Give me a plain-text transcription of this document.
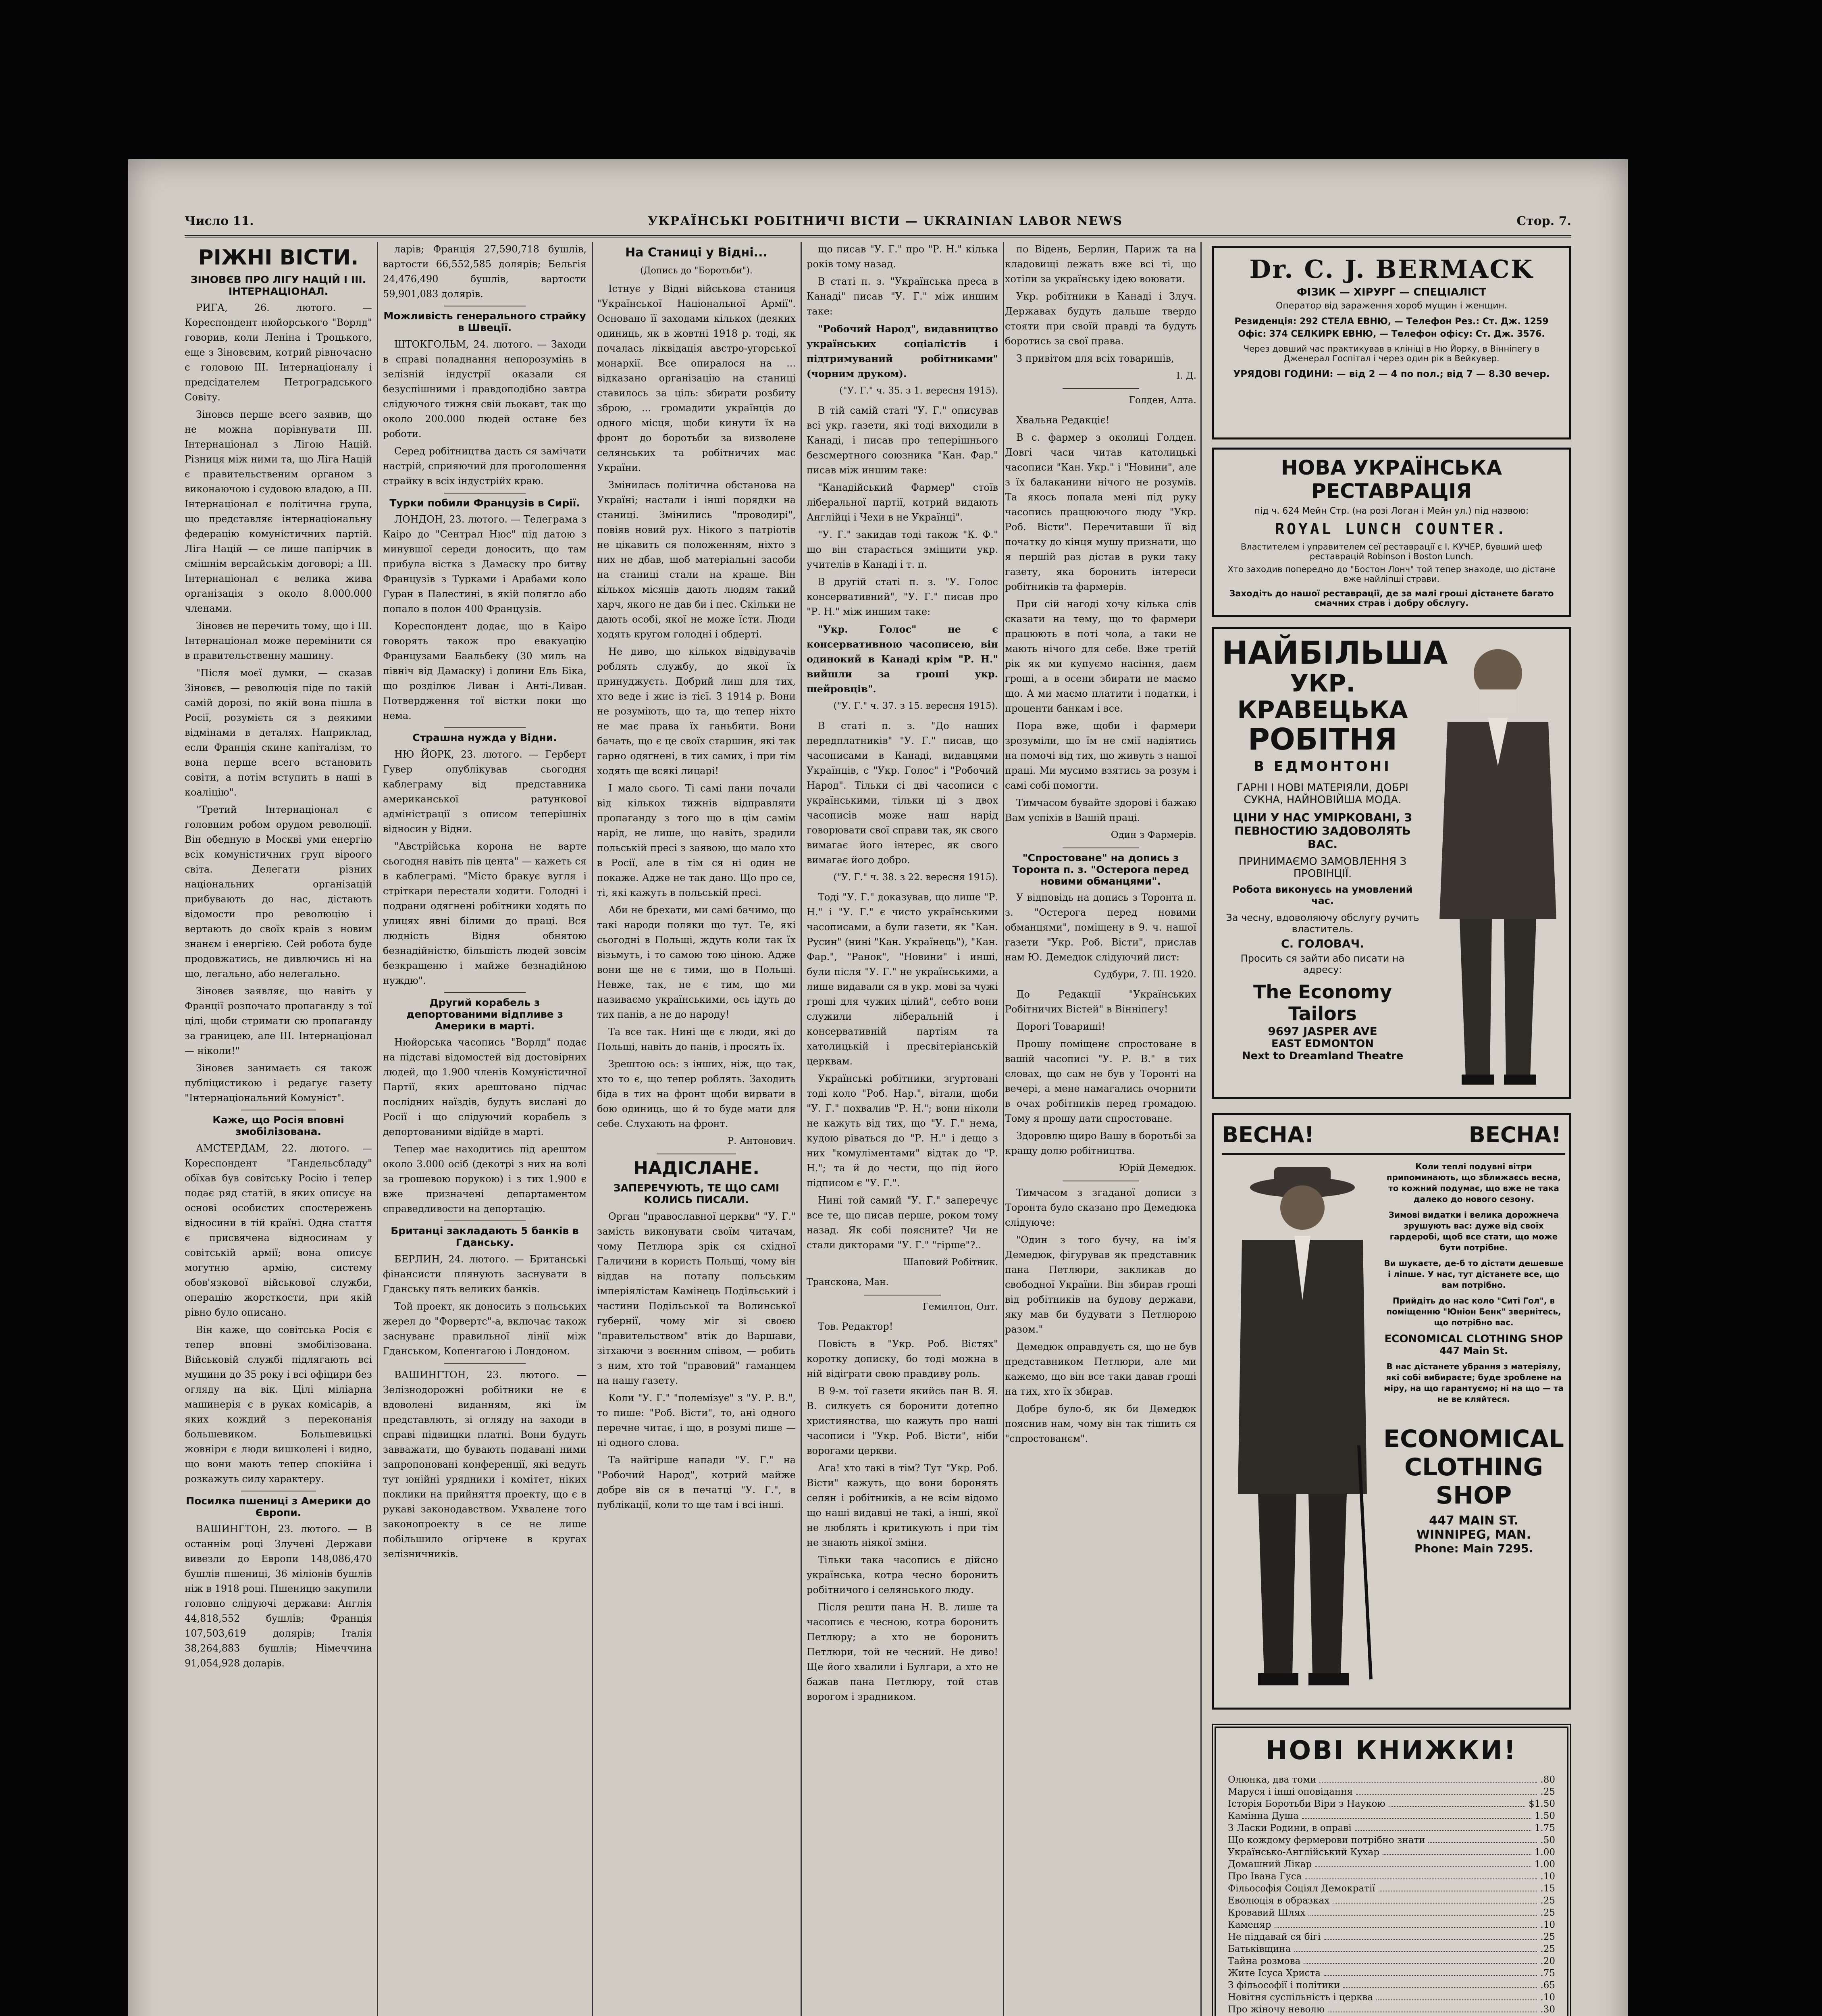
Число 11.	УКРАЇНСЬКІ РОБІТНИЧІ ВІСТИ — UKRAINIAN LABOR NEWS	Стор. 7.
РІЖНІ ВІСТИ.
ЗІНОВЄВ ПРО ЛІГУ НАЦІЙ І III. ІНТЕРНАЦІОНАЛ.

РИГА, 26. лютого. — Кореспондент нюйорського "Ворлд" говорив, коли Леніна і Троцького, еще з Зіновєвим, котрий рівночасно є головою III. Інтернаціоналу і предсідателем Петроградського Совіту.

Зіновєв перше всего заявив, що не можна порівнувати III. Інтернаціонал з Лігою Націй. Різниця між ними та, що Ліга Націй є правительственим органом з виконаючою і судовою владою, а III. Інтернаціонал є політична група, що представляє інтернаціональну федерацію комуністичних партій. Ліга Націй — се лише папірчик в смішнім версайськім договорі; а III. Інтернаціонал є велика жива організація з около 8.000.000 членами.

Зіновєв не перечить тому, що і III. Інтернаціонал може перемінити ся в правительственну машину.

"Після моєї думки, — сказав Зіновєв, — революція піде по такій самій дорозі, по якій вона пішла в Росії, розумієть ся з деякими відмінами в деталях. Наприклад, если Франція скине капіталізм, то вона перше всего встановить совіти, а потім вступить в наші в коаліцію".

"Третий Інтернаціонал є головним робом орудом революції. Він обедную в Москві уми енергію всіх комуністичних груп віроого світа. Делегати різних національних організацій прибувають до нас, дістають відомости про революцію і вертають до своїх краів з новим знанєм і енергією. Сей робота буде продовжатись, не дивлючись ні на що, легально, або нелегально.

Зіновєв заявляє, що навіть у Франції розпочато пропаганду з тої цілі, щоби стримати сю пропаганду за границею, але III. Інтернаціонал — ніколи!"

Зіновєв занимаєть ся також публіцистикою і редагує газету "Інтернаціональний Комуніст".

Каже, що Росія вповні змобілізована.

АМСТЕРДАМ, 22. лютого. — Кореспондент "Гандельсбладу" обїхав був совітську Росію і тепер подає ряд статій, в яких описує на основі особистих спостережень відносини в тій країні. Одна стаття є присвячена відносинам у совітській армії; вона описує могутню армію, систему обов'язкової військової служби, операцію жорсткости, при якій рівно було описано.

Він каже, що совітська Росія є тепер вповні змобілізована. Військовій службі підлягають всі мущини до 35 року і всі офіцири без огляду на вік. Цілі міліарна машинерія є в руках комісарів, а яких кождий з переконанія большевиком. Большевицькі жовніри є люди вишколені і видно, що вони мають тепер спокійна і розкажуть силу характеру.

Посилка пшениці з Америки до Європи.

ВАШИНГТОН, 23. лютого. — В останнім році Злучені Держави вивезли до Европи 148,086,470 бушлів пшениці, 36 міліонів бушлів ніж в 1918 році. Пшеницю закупили головно слідуючі держави: Англія 44,818,552 бушлів; Франція 107,503,619 долярів; Італія 38,264,883 бушлів; Німеччина 91,054,928 доларів.

ларів; Франція 27,590,718 бушлів, вартости 66,552,585 долярів; Бельгія 24,476,490 бушлів, вартости 59,901,083 долярів.

Можливість генерального страйку в Швеції.

ШТОКГОЛЬМ, 24. лютого. — Заходи в справі поладнання непорозумінь в зелізній індустрії оказали ся безуспішними і правдоподібно завтра слідуючого тижня свій льокавт, так що около 200.000 людей остане без роботи.

Серед робітництва дасть ся замічати настрій, сприяючий для проголошення страйку в всіх індустрійх краю.

Турки побили Французів в Сирії.

ЛОНДОН, 23. лютого. — Телеграма з Каіро до "Сентрал Нюс" під датою з минувшої середи доносить, що там прибула вістка з Дамаску про битву Французів з Турками і Арабами коло Гуран в Палестині, в якій полягло або попало в полон 400 Французів.

Кореспондент додає, що в Каіро говорять також про евакуацію Французами Баальбеку (30 миль на північ від Дамаску) і долини Ель Біка, що розділює Ливан і Анті-Ливан. Потвердження тої вістки поки що нема.

Страшна нужда у Відни.

НЮ ЙОРК, 23. лютого. — Герберт Гувер опублікував сьогодня каблеграму від представника американської ратункової адміністрації з описом теперішніх відносин у Відни.

"Австрійська корона не варте сьогодня навіть пів цента" — кажеть ся в каблеграмі. "Місто бракує вугля і стріткари перестали ходити. Голодні і подрани одягнені робітники ходять по улицях явні білими до праці. Вся людність Відня обнятою безнадійністю, більшість людей зовсім безкращеню і майже безнадійною нуждю".

Другий корабель з депортованими відпливе з Америки в марті.

Нюйорська часопись "Ворлд" подає на підставі відомостей від достовірних людей, що 1.900 членів Комуністичної Партії, яких арештовано підчас послідних наїздів, будуть вислані до Росії і що слідуючий корабель з депортованими відійде в марті.

Тепер має находитись під арештом около 3.000 осіб (декотрі з них на волі за грошевою порукою) і з тих 1.900 є вже призначені департаментом справедливости на депортацію.

Британці закладають 5 банків в Гданську.

БЕРЛИН, 24. лютого. — Британські фінансисти плянують заснувати в Гданську пять великих банків.

Той проект, як доносить з польських жерел до "Форвертс"-а, включає також заснуванє правильної лінії між Гданськом, Копенгагою і Лондоном.

ВАШИНГТОН, 23. лютого. — Зелізнодорожні робітники не є вдоволені виданням, які їм представлють, зі огляду на заходи в справі підвищки платні. Вони будуть завважати, що бувають подавані ними запропоновані конференції, які ведуть тут юнійні урядники і комітет, ніких поклики на прийняття проекту, що є в рукаві законодавством. Ухвалене того законопроекту в се не лише побільшило огірчене в кругах зелізничників.

На Станиці у Відні...
(Допись до "Боротьби").

Істнує у Відні військова станиця "Української Національної Армії". Основано її заходами кількох (деяких одиниць, як в жовтні 1918 р. тоді, як почалась ліквідація австро-угорської монархії. Все опиралося на ... відказано організацію на станиці ставилось за ціль: збирати розбиту зброю, ... громадити українців до одного місця, щоби кинути їх на фронт до боротьби за визволене селянських та робітничих мас України.

Змінилась політична обстанова на Україні; настали і інші порядки на станиці. Змінились "проводирі", повіяв новий рух. Нікого з патріотів не цікавить ся положенням, ніхто з них не дбав, щоб матеріальні засоби на станиці стали на краще. Він кількох місяців дають людям такий харч, якого не дав би і пес. Скільки не дають особі, якої не може їсти. Люди ходять кругом голодні і обдерті.

Не диво, що кількох відвідувачів роблять службу, до якої їх принуджуєть. Добрий лиш для тих, хто веде і жиє із тієї. З 1914 р. Вони не розуміють, що та, що тепер ніхто не має права їх ганьбити. Вони бачать, що є це своїх старшин, які так гарно одягнені, в тих самих, і при тім ходять ще всякі лицарі!

І мало сього. Ті самі пани почали від кількох тижнів відправляти пропаганду з того що в цім самім нарід, не лише, що навіть, зрадили польській пресі з заявою, що мало хто в Росії, але в тім ся ні один не покаже. Адже не так дано. Що про се, ті, які кажуть в польській пресі.

Аби не брехати, ми самі бачимо, що такі народи поляки що тут. Те, які сьогодні в Польщі, ждуть коли так їх візьмуть, і то самою тою ціною. Адже вони ще не є тими, що в Польщі. Невже, так, не є тим, що ми називаємо українськими, ось ідуть до тих панів, а не до народу!

Та все так. Нині ще є люди, які до Польщі, навіть до панів, і просять їх.

Зрештою ось: з інших, ніж, що так, хто то є, що тепер роблять. Заходить біда в тих на фронт щоби вирвати в бою одиниць, що й то буде мати для себе. Слухають на фронт.

Р. Антонович.
НАДІСЛАНЕ.
ЗАПЕРЕЧУЮТЬ, ТЕ ЩО САМІ КОЛИСЬ ПИСАЛИ.

Орган "православної церкви" "У. Г." замість виконувати своїм читачам, чому Петлюра зрік ся східної Галичини в користь Польщі, чому він віддав на потапу польським імперіялістам Камінець Подільський і частини Подільської та Волинської губернії, чому міг зі своєю "правительством" втік до Варшави, зітхаючи з воєнним співом, — робить з ним, хто той "правовий" гаманцем на нашу газету.

Коли "У. Г." "полемізує" з "У. Р. В.", то пише: "Роб. Вісти", то, ані одного перечне читає, і що, в розумі пише — ні одного слова.

Та найгірше напади "У. Г." на "Робочий Народ", котрий майже добре вів ся в печатці "У. Г.", в публікації, коли то ще там і всі інші.

що писав "У. Г." про "Р. Н." кілька років тому назад.

В статі п. з. "Українська преса в Канаді" писав "У. Г." між иншим таке:

"Робочий Народ", видавництво українських соціалістів і підтримуваний робітниками" (чорним друком).

("У. Г." ч. 35. з 1. вересня 1915).

В тій самій статі "У. Г." описував всі укр. газети, які тоді виходили в Канаді, і писав про теперішнього безсмертного союзника "Кан. Фар." писав між иншим таке:

"Канадійський Фармер" стоїв ліберальної партії, котрий видають Англійці і Чехи в не Українці".

"У. Г." закидав тоді також "К. Ф." що він старається зміщити укр. учителів в Канаді і т. п.

В другій статі п. з. "У. Голос консервативний", "У. Г." писав про "Р. Н." між иншим таке:

"Укр. Голос" не є консервативною часописею, він одинокий в Канаді крім "Р. Н." вийшли за гроші укр. шейровців".

("У. Г." ч. 37. з 15. вересня 1915).

В статі п. з. "До наших передплатників" "У. Г." писав, що часописами в Канаді, видавцями Українців, є "Укр. Голос" і "Робочий Народ". Тільки сі дві часописи є українськими, тільки ці з двох часописів може наш нарід говорювати свої справи так, як свого вимагає його інтерес, як свого вимагає його добро.

("У. Г." ч. 38. з 22. вересня 1915).

Тоді "У. Г." доказував, що лише "Р. Н." і "У. Г." є чисто українськими часописами, а були газети, як "Кан. Русин" (нині "Кан. Українець"), "Кан. Фар.", "Ранок", "Новини" і инші, були після "У. Г." не українськими, а лише видавали ся в укр. мові за чужі гроші для чужих цілий", себто вони служили ліберальній і консервативній партіям та хатолицькій і пресвітеріанській церквам.

Українські робітники, згуртовані тоді коло "Роб. Нар.", вітали, щоби "У. Г." похвалив "Р. Н."; вони ніколи не кажуть від тих, що "У. Г." нема, кудою ріваться до "Р. Н." і дещо з них "комуліментами" відтак до "Р. Н."; та й до чести, що під його підписом є "У. Г.".

Нині той самий "У. Г." заперечує все те, що писав перше, роком тому назад. Як собі поясните? Чи не стали дикторами "У. Г." "гірше"?..

Шаповий Робітник.
Транскона, Ман.
Гемилтон, Онт.

Тов. Редактор!

Повість в "Укр. Роб. Вістях" коротку дописку, бо тоді можна в ній відіграти свою правдиву роль.

В 9-м. тої газети якийсь пан В. Я. В. силкуєть ся боронити дотепно християнства, що кажуть про наші часописи і "Укр. Роб. Вісти", ніби ворогами церкви.

Ага! хто такі в тім? Тут "Укр. Роб. Вісти" кажуть, що вони боронять селян і робітників, а не всім відомо що наші видавці не такі, а інші, якої не люблять і критикують і при тім не знають ніякої зміни.

Тільки така часопись є дійсно українська, котра чесно боронить робітничого і селянського люду.

Після решти пана Н. В. лише та часопись є чесною, котра боронить Петлюру; а хто не боронить Петлюри, той не чесний. Не диво! Ще його хвалили і Булгари, а хто не бажав пана Петлюру, той став ворогом і зрадником.

по Відень, Берлин, Париж та на кладовищі лежать вже всі ті, що хотіли за українську ідею воювати.

Укр. робітники в Канаді і Злуч. Державах будуть дальше твердо стояти при своїй правді та будуть боротись за свої права.

З привітом для всіх товаришів,

І. Д.
Голден, Алта.

Хвальна Редакціє!

В с. фармер з околиці Голден. Довгі часи читав католицькі часописи "Кан. Укр." і "Новини", але з їх балаканини нічого не розумів. Та якось попала мені під руку часопись пращюючого люду "Укр. Роб. Вісти". Перечитавши її від початку до кінця мушу признати, що я першій раз дістав в руки таку газету, яка боронить інтереси робітників та фармерів.

При сій нагоді хочу кілька слів сказати на тему, що то фармери працюють в поті чола, а таки не мають нічого для себе. Вже третій рік як ми купуємо насіння, даєм гроші, а в осени збирати не маємо що. А ми маємо платити і податки, і проценти банкам і все.

Пора вже, щоби і фармери зрозуміли, що їм не смії надіятись на помочі від тих, що живуть з нашої праці. Ми мусимо взятись за розум і самі собі помогти.

Тимчасом бувайте здорові і бажаю Вам успіхів в Вашій праці.

Один з Фармерів.
"Спростоване" на допись з Торонта п. з. "Остерога перед новими обманцями".

У відповідь на допись з Торонта п. з. "Остерога перед новими обманцями", поміщену в 9. ч. нашої газети "Укр. Роб. Вісти", прислав нам Ю. Демедюк слідуючий лист:

Судбури, 7. III. 1920.

До Редакції "Українських Робітничих Вістей" в Вінніпегу!

Дорогі Товариші!

Прошу поміщенє спростоване в вашій часописі "У. Р. В." в тих словах, що сам не був у Торонті на вечері, а мене намагались очорнити в очах робітників перед громадою. Тому я прошу дати спростоване.

Здоровлю щиро Вашу в боротьбі за кращу долю робітництва.

Юрій Демедюк.

Тимчасом з згаданої дописи з Торонта було сказано про Демедюка слідуюче:

"Один з того бучу, на ім'я Демедюк, фігурував як представник пана Петлюри, закликав до свободної України. Він збирав гроші від робітників на будову держави, яку мав би будувати з Петлюрою разом."

Демедюк оправдуєть ся, що не був представником Петлюри, але ми кажемо, що він все таки давав гроші на тих, хто їх збирав.

Добре було-б, як би Демедюк пояснив нам, чому він так тішить ся "спростованєм".

Dr. C. J. BERMACK
ФІЗИК — ХІРУРГ — СПЕЦІАЛІСТ
Оператор від зараження хороб мущин і женщин.
Резиденція: 292 СТЕЛА ЕВНЮ, — Телефон Рез.: Ст. Дж. 1259
Офіс: 374 СЕЛКИРК ЕВНЮ, — Телефон офісу: Ст. Дж. 3576.
Через довший час практикував в клініці в Ню Йорку, в Вінніпегу в Дженерал Госпітал і через один рік в Вейкувер.
УРЯДОВІ ГОДИНИ: — від 2 — 4 по пол.; від 7 — 8.30 вечер.
НОВА УКРАЇНСЬКА РЕСТАВРАЦІЯ
під ч. 624 Мейн Стр. (на розі Логан і Мейн ул.) під назвою:
ROYAL LUNCH COUNTER.
Властителем і управителем сеї реставрації є І. КУЧЕР, бувший шеф реставрацій Robinson і Boston Lunch.
Хто заходив попередно до "Бостон Лонч" той тепер знаходе, що дістане вже найліпші страви.
Заходіть до нашої реставрації, де за малі гроші дістанете багато смачних страв і добру обслугу.
НАЙБІЛЬША
УКР. КРАВЕЦЬКА
РОБІТНЯ
В ЕДМОНТОНІ
ГАРНІ І НОВІ МАТЕРІЯЛИ, ДОБРІ СУКНА, НАЙНОВІЙША МОДА.
ЦІНИ У НАС УМІРКОВАНІ, З ПЕВНОСТИЮ ЗАДОВОЛЯТЬ ВАС.
ПРИНИМАЄМО ЗАМОВЛЕННЯ З ПРОВІНЦІЇ.
Робота виконуєсь на умовлений час.
За чесну, вдоволяючу обслугу ручить властитель.
С. ГОЛОВАЧ.
Просить ся зайти або писати на адресу:
The Economy Tailors
9697 JASPER AVE
EAST EDMONTON
Next to Dreamland Theatre
ВЕСНА!	ВЕСНА!
Коли теплі подувні вітри припоминають, що зближаєсь весна, то кожний подумає, що вже не така далеко до нового сезону.
Зимові видатки і велика дорожнеча зрушують вас: дуже від своїх гардеробі, щоб все стати, що може бути потрібне.
Ви шукаєте, де-б то дістати дешевше і ліпше. У нас, тут дістанете все, що вам потрібно.
Прийдіть до нас коло "Ситі Гол", в поміщенню "Юніон Бенк" звернітесь, що потрібно вас.
ECONOMICAL CLOTHING SHOP
447 Main St.
В нас дістанете убрання з матеріялу, які собі вибираєте; буде зроблене на міру, на що гарантуємо; ні на що — та не ве кляйтеся.
ECONOMICAL
CLOTHING SHOP
447 MAIN ST.
WINNIPEG, MAN.
Phone: Main 7295.
НОВІ КНИЖКИ!
Олюнка, два томи	.80
Маруся і інші оповідання	.25
Історія Боротьби Віри з Наукою	$1.50
Камінна Душа	1.50
З Ласки Родини, в оправі	1.75
Що кождому фермерови потрібно знати	.50
Українсько-Англійський Кухар	1.00
Домашний Лікар	1.00
Про Івана Гуса	.10
Фільософія Соціял Демократії	.15
Еволюція в образках	.25
Кровавий Шлях	.25
Каменяр	.10
Не піддавай ся бігі	.25
Батьківщина	.25
Тайна розмова	.20
Жите Ісуса Христа	.75
З фільософії і політики	.65
Новітня суспільність і церква	.10
Про жіночу неволю	.30
